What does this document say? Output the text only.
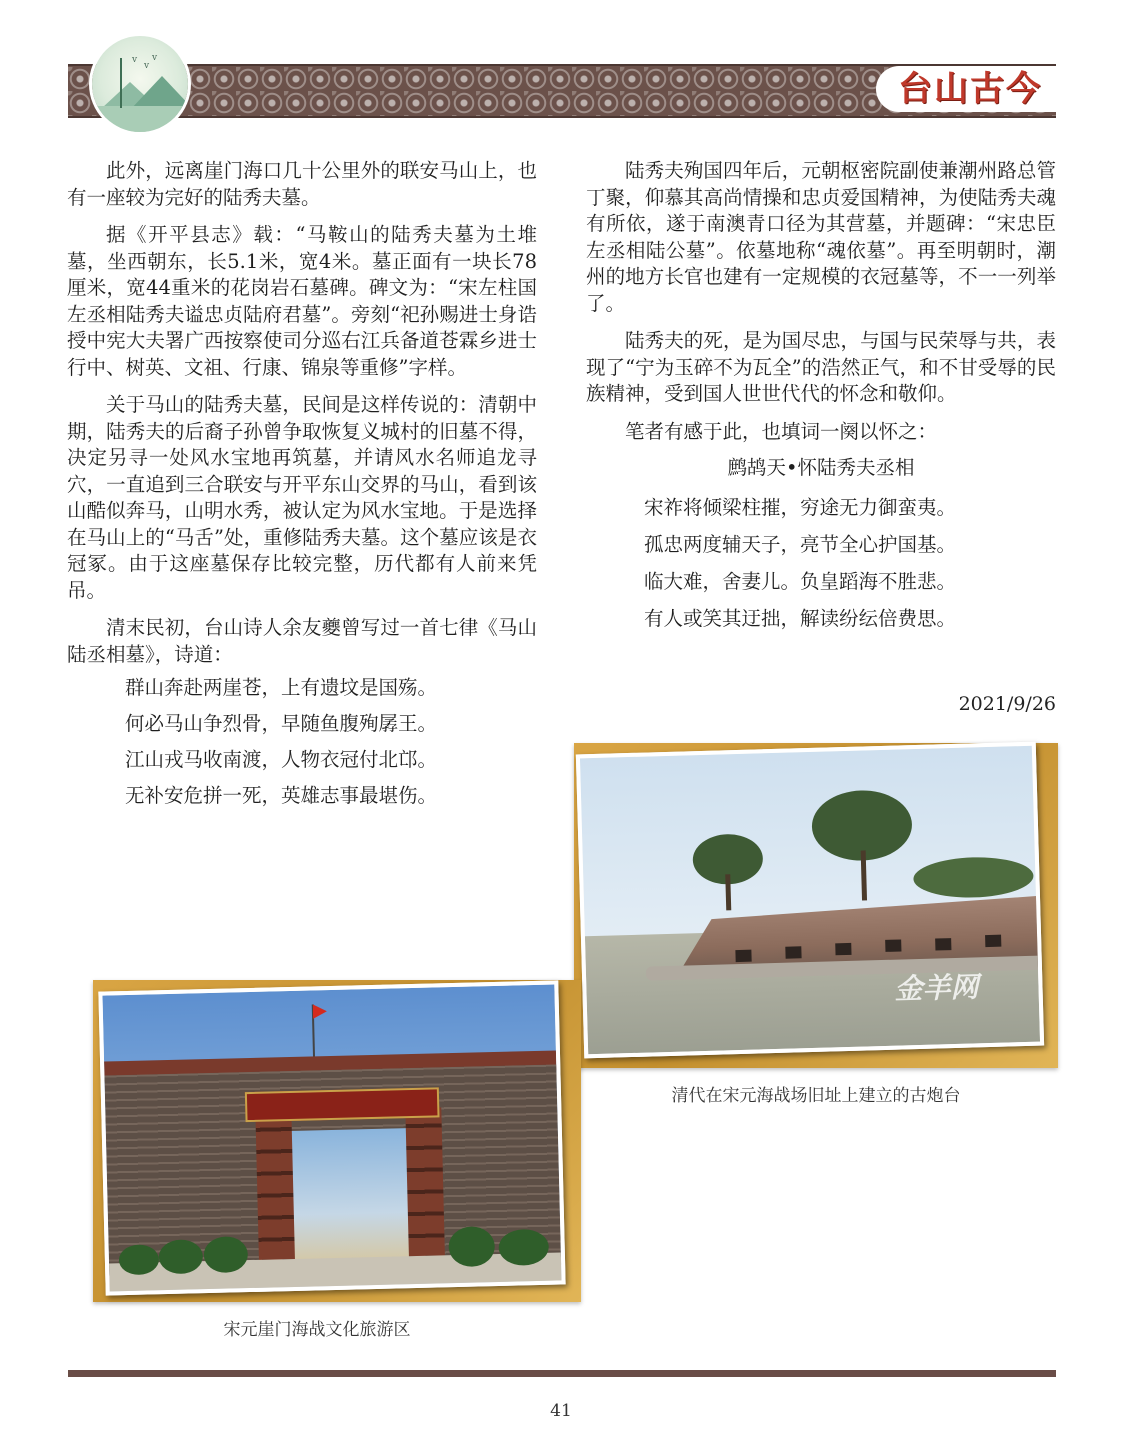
v
v
v
台山古今

此外，远离崖门海口几十公里外的联安马山上，也有一座较为完好的陆秀夫墓。

据《开平县志》载：“马鞍山的陆秀夫墓为土堆墓，坐西朝东，长5.1米，宽4米。墓正面有一块长78厘米，宽44重米的花岗岩石墓碑。碑文为：“宋左柱国左丞相陆秀夫谥忠贞陆府君墓”。旁刻“祀孙赐进士身诰授中宪大夫署广西按察使司分巡右江兵备道苍霖乡进士行中、树英、文祖、行康、锦泉等重修”字样。

关于马山的陆秀夫墓，民间是这样传说的：清朝中期，陆秀夫的后裔子孙曾争取恢复义城村的旧墓不得，决定另寻一处风水宝地再筑墓，并请风水名师追龙寻穴，一直追到三合联安与开平东山交界的马山，看到该山酷似奔马，山明水秀，被认定为风水宝地。于是选择在马山上的“马舌”处，重修陆秀夫墓。这个墓应该是衣冠冢。由于这座墓保存比较完整，历代都有人前来凭吊。

清末民初，台山诗人余友夔曾写过一首七律《马山陆丞相墓》，诗道：

群山奔赴两崖苍，上有遗坟是国殇。
何必马山争烈骨，早随鱼腹殉孱王。
江山戎马收南渡，人物衣冠付北邙。
无补安危拼一死，英雄志事最堪伤。

陆秀夫殉国四年后，元朝枢密院副使兼潮州路总管丁聚，仰慕其高尚情操和忠贞爱国精神，为使陆秀夫魂有所依，遂于南澳青口径为其营墓，并题碑：“宋忠臣左丞相陆公墓”。依墓地称“魂依墓”。再至明朝时，潮州的地方长官也建有一定规模的衣冠墓等，不一一列举了。

陆秀夫的死，是为国尽忠，与国与民荣辱与共，表现了“宁为玉碎不为瓦全”的浩然正气，和不甘受辱的民族精神，受到国人世世代代的怀念和敬仰。

笔者有感于此，也填词一阕以怀之：

鹧鸪天•怀陆秀夫丞相
宋祚将倾梁柱摧，穷途无力御蛮夷。
孤忠两度辅天子，亮节全心护国基。
临大难，舍妻儿。负皇蹈海不胜悲。
有人或笑其迂拙，解读纷纭倍费思。
2021/9/26
金羊网
清代在宋元海战场旧址上建立的古炮台
宋元崖门海战文化旅游区
41
